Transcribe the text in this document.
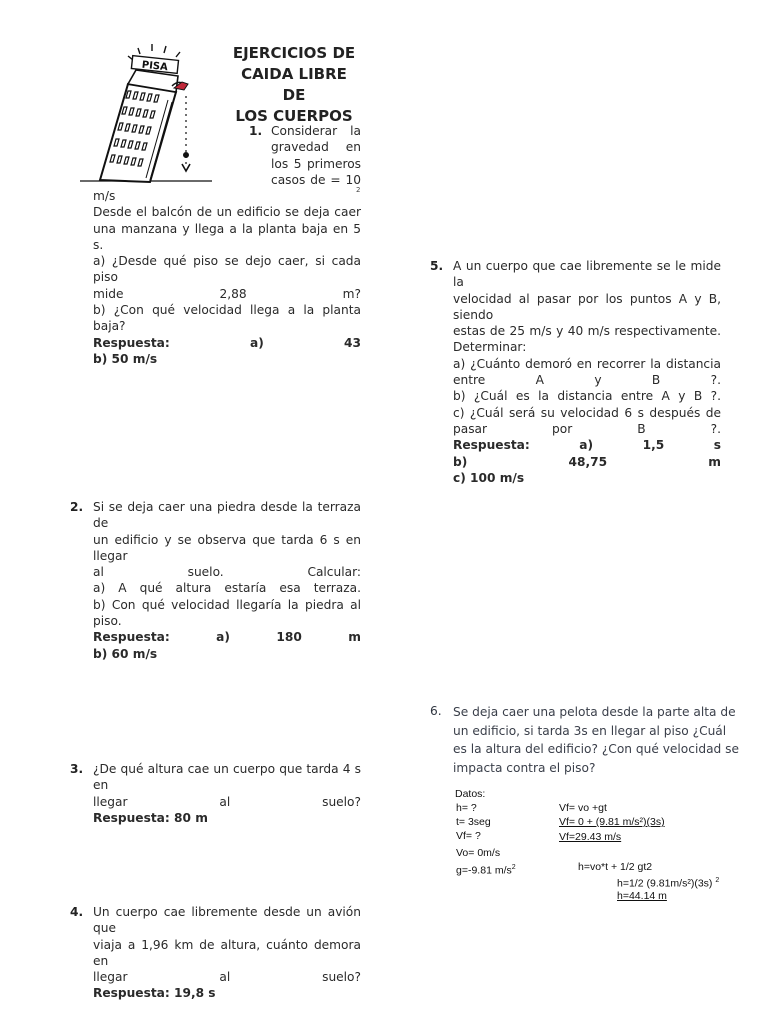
PISA
EJERCICIOS DE
CAIDA LIBRE DE
LOS CUERPOS
1. Considerar la
gravedad en
los 5 primeros
casos de = 10
2
m/s
Desde el balcón de un edificio se deja caer
una manzana y llega a la planta baja en 5 s.
a) ¿Desde qué piso se dejo caer, si cada piso
mide 2,88 m?
b) ¿Con qué velocidad llega a la planta baja?
Respuesta: a) 43
b) 50 m/s
2. Si se deja caer una piedra desde la terraza de
un edificio y se observa que tarda 6 s en llegar
al suelo. Calcular:
a) A qué altura estaría esa terraza.
b) Con qué velocidad llegaría la piedra al piso.
Respuesta: a) 180 m
b) 60 m/s
3. ¿De qué altura cae un cuerpo que tarda 4 s en
llegar al suelo?
Respuesta: 80 m
4. Un cuerpo cae libremente desde un avión que
viaja a 1,96 km de altura, cuánto demora en
llegar al suelo?
Respuesta: 19,8 s
5. A un cuerpo que cae libremente se le mide la
velocidad al pasar por los puntos A y B, siendo
estas de 25 m/s y 40 m/s respectivamente.
Determinar:
a) ¿Cuánto demoró en recorrer la distancia
entre A y B ?.
b) ¿Cuál es la distancia entre A y B ?.
c) ¿Cuál será su velocidad 6 s después de
pasar por B ?.
Respuesta: a) 1,5 s
b) 48,75 m
c) 100 m/s
6. Se deja caer una pelota desde la parte alta de
un edificio, si tarda 3s en llegar al piso ¿Cuál
es la altura del edificio? ¿Con qué velocidad se
impacta contra el piso?
Datos:
h= ?
t= 3seg
Vf= ?
Vo= 0m/s
g=-9.81 $m/s^2$
Vf= vo +gt
Vf= 0 + (9.81 m/s²)(3s)
Vf=29.43 m/s
h=vo*t + 1/2 gt2
h=1/2 (9.81m/s²)(3s) $^2$
h=44.14 m
